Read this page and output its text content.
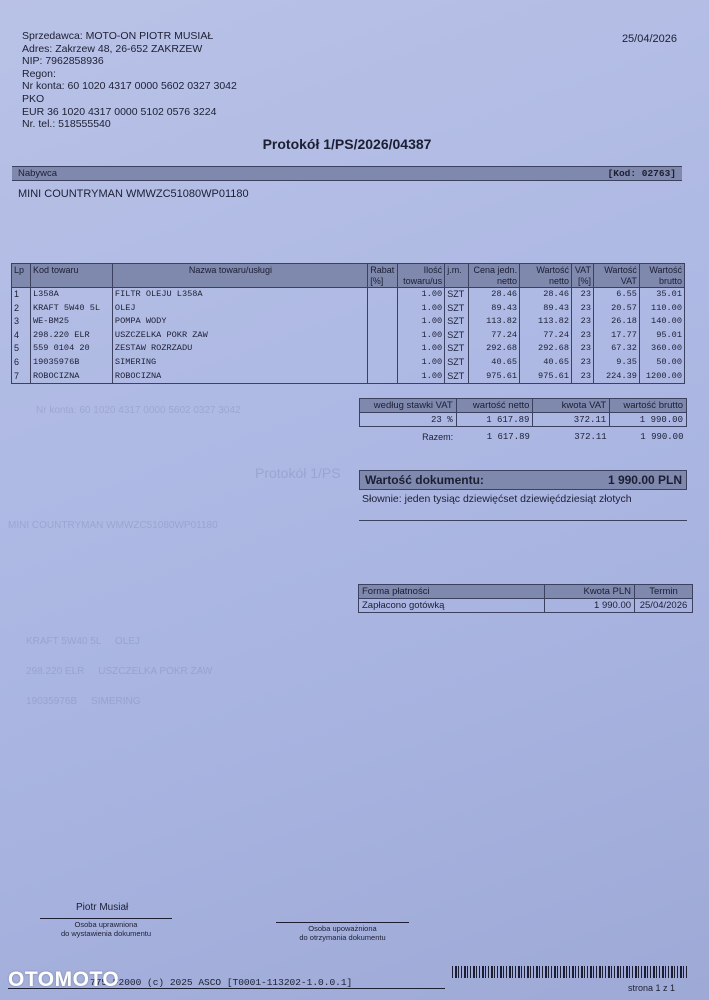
Nr konta: 60 1020 4317 0000 5602 0327 3042
Protokół 1/PS
MINI COUNTRYMAN WMWZC51080WP01180
KRAFT 5W40 5L     OLEJ
298.220 ELR     USZCZELKA POKR ZAW
19035976B     SIMERING
Sprzedawca: MOTO-ON PIOTR MUSIAŁ
Adres: Zakrzew 48, 26-652 ZAKRZEW
NIP: 7962858936
Regon:
Nr konta: 60 1020 4317 0000 5602 0327 3042
PKO
EUR 36 1020 4317 0000 5102 0576 3224
Nr. tel.: 518555540
25/04/2026
Protokół 1/PS/2026/04387
Nabywca	[Kod: 02763]
MINI COUNTRYMAN WMWZC51080WP01180
Lp	Kod towaru	Nazwa towaru/usługi	Rabat [%]	Ilość towaru/us	j.m.	Cena jedn. netto	Wartość netto	VAT [%]	Wartość VAT	Wartość brutto
1	L358A	FILTR OLEJU L358A		1.00	SZT	28.46	28.46	23	6.55	35.01
2	KRAFT 5W40 5L	OLEJ		1.00	SZT	89.43	89.43	23	20.57	110.00
3	WE-BM25	POMPA WODY		1.00	SZT	113.82	113.82	23	26.18	140.00
4	298.220 ELR	USZCZELKA POKR ZAW		1.00	SZT	77.24	77.24	23	17.77	95.01
5	559 0104 20	ZESTAW ROZRZADU		1.00	SZT	292.68	292.68	23	67.32	360.00
6	19035976B	SIMERING		1.00	SZT	40.65	40.65	23	9.35	50.00
7	ROBOCIZNA	ROBOCIZNA		1.00	SZT	975.61	975.61	23	224.39	1200.00
według stawki VAT	wartość netto	kwota VAT	wartość brutto
23 %	1 617.89	372.11	1 990.00
Razem:	1 617.89	372.11	1 990.00
Wartość dokumentu:	1 990.00 PLN
Słownie: jeden tysiąc dziewięćset dziewięćdziesiąt złotych
Forma płatności	Kwota PLN	Termin
Zapłacono gotówką	1 990.00	25/04/2026
Piotr Musiał
Osoba uprawniona
do wystawienia dokumentu
Osoba upoważniona
do otrzymania dokumentu
775 F2000 (c) 2025 ASCO [T0001-113202-1.0.0.1]	strona 1 z 1
OTOMOTO
